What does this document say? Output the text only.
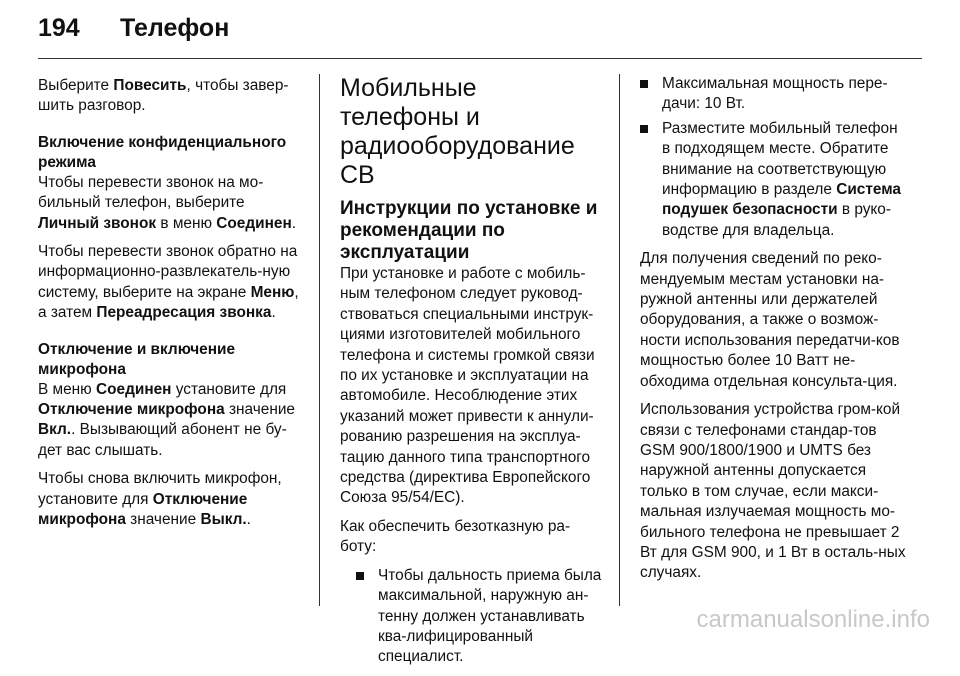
194	Телефон

Выберите Повесить, чтобы завер-шить разговор.

Включение конфиденциального режима

Чтобы перевести звонок на мо-бильный телефон, выберите Личный звонок в меню Соединен.

Чтобы перевести звонок обратно на информационно-развлекатель-ную систему, выберите на экране Меню, а затем Переадресация звонка.

Отключение и включение микрофона

В меню Соединен установите для Отключение микрофона значение Вкл.. Вызывающий абонент не бу-дет вас слышать.

Чтобы снова включить микрофон, установите для Отключение микрофона значение Выкл..

Мобильные телефоны и радиооборудование СВ
Инструкции по установке и рекомендации по эксплуатации

При установке и работе с мобиль-ным телефоном следует руковод-ствоваться специальными инструк-циями изготовителей мобильного телефона и системы громкой связи по их установке и эксплуатации на автомобиле. Несоблюдение этих указаний может привести к аннули-рованию разрешения на эксплуа-тацию данного типа транспортного средства (директива Европейского Союза 95/54/EC).

Как обеспечить безотказную ра-боту:

Чтобы дальность приема была максимальной, наружную ан-тенну должен устанавливать ква-лифицированный специалист.
Максимальная мощность пере-дачи: 10 Вт.
Разместите мобильный телефон в подходящем месте. Обратите внимание на соответствующую информацию в разделе Система подушек безопасности в руко-водстве для владельца.

Для получения сведений по реко-мендуемым местам установки на-ружной антенны или держателей оборудования, а также о возмож-ности использования передатчи-ков мощностью более 10 Ватт не-обходима отдельная консульта-ция.

Использования устройства гром-кой связи с телефонами стандар-тов GSM 900/1800/1900 и UMTS без наружной антенны допускается только в том случае, если макси-мальная излучаемая мощность мо-бильного телефона не превышает 2 Вт для GSM 900, и 1 Вт в осталь-ных случаях.

carmanualsonline.info
